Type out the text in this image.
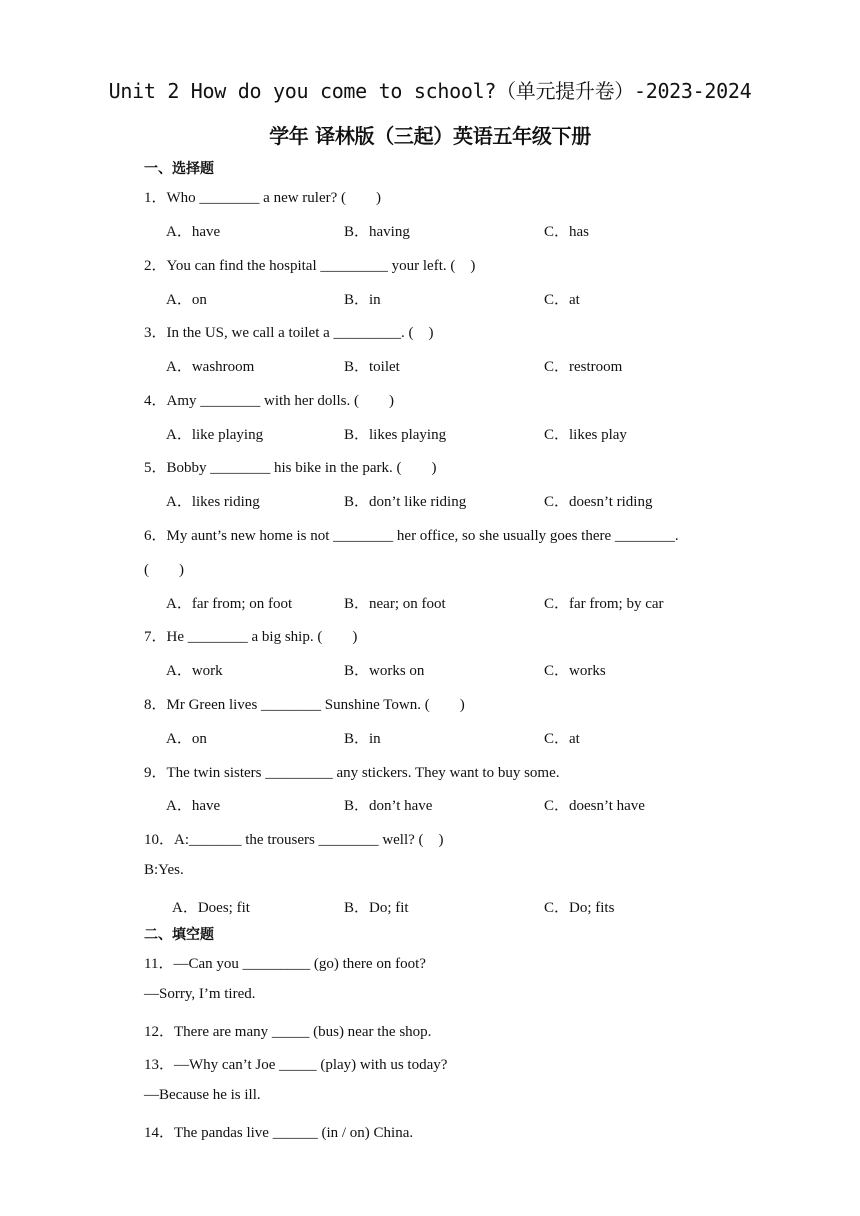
Unit 2 How do you come to school?（单元提升卷）-2023-2024
学年 译林版（三起）英语五年级下册
一、选择题
1．Who ________ a new ruler? (　　)
A．have	B．having	C．has
2．You can find the hospital _________ your left. (　)
A．on	B．in	C．at
3．In the US, we call a toilet a _________. (　)
A．washroom	B．toilet	C．restroom
4．Amy ________ with her dolls. (　　)
A．like playing	B．likes playing	C．likes play
5．Bobby ________ his bike in the park. (　　)
A．likes riding	B．don’t like riding	C．doesn’t riding
6．My aunt’s new home is not ________ her office, so she usually goes there ________.
(　　)
A．far from; on foot	B．near; on foot	C．far from; by car
7．He ________ a big ship. (　　)
A．work	B．works on	C．works
8．Mr Green lives ________ Sunshine Town. (　　)
A．on	B．in	C．at
9．The twin sisters _________ any stickers. They want to buy some.
A．have	B．don’t have	C．doesn’t have
10．A:_______ the trousers ________ well? (　)
B:Yes.
A．Does; fit	B．Do; fit	C．Do; fits
二、填空题
11．—Can you _________ (go) there on foot?
—Sorry, I’m tired.
12．There are many _____ (bus) near the shop.
13．—Why can’t Joe _____ (play) with us today?
—Because he is ill.
14．The pandas live ______ (in / on) China.
